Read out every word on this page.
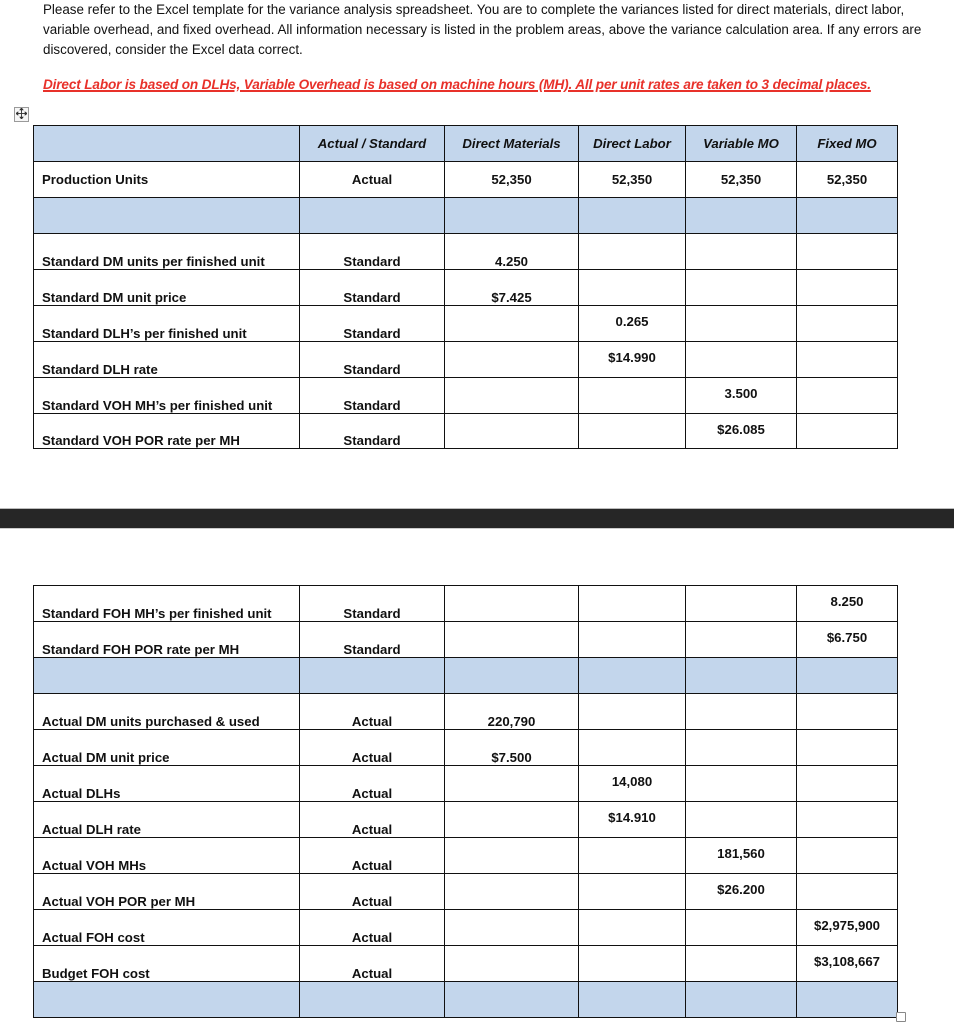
Please refer to the Excel template for the variance analysis spreadsheet. You are to complete the variances listed for direct materials, direct labor, variable overhead, and fixed overhead. All information necessary is listed in the problem areas, above the variance calculation area. If any errors are discovered, consider the Excel data correct.
Direct Labor is based on DLHs, Variable Overhead is based on machine hours (MH). All per unit rates are taken to 3 decimal places.
	Actual / Standard	Direct Materials	Direct Labor	Variable MO	Fixed MO
Production Units	Actual	52,350	52,350	52,350	52,350

Standard DM units per finished unit	Standard	4.250			
Standard DM unit price	Standard	$7.425			
Standard DLH’s per finished unit	Standard		0.265		
Standard DLH rate	Standard		$14.990		
Standard VOH MH’s per finished unit	Standard			3.500	
Standard VOH POR rate per MH	Standard			$26.085	
Standard FOH MH’s per finished unit	Standard				8.250
Standard FOH POR rate per MH	Standard				$6.750

Actual DM units purchased & used	Actual	220,790			
Actual DM unit price	Actual	$7.500			
Actual DLHs	Actual		14,080		
Actual DLH rate	Actual		$14.910		
Actual VOH MHs	Actual			181,560	
Actual VOH POR per MH	Actual			$26.200	
Actual FOH cost	Actual				$2,975,900
Budget FOH cost	Actual				$3,108,667
